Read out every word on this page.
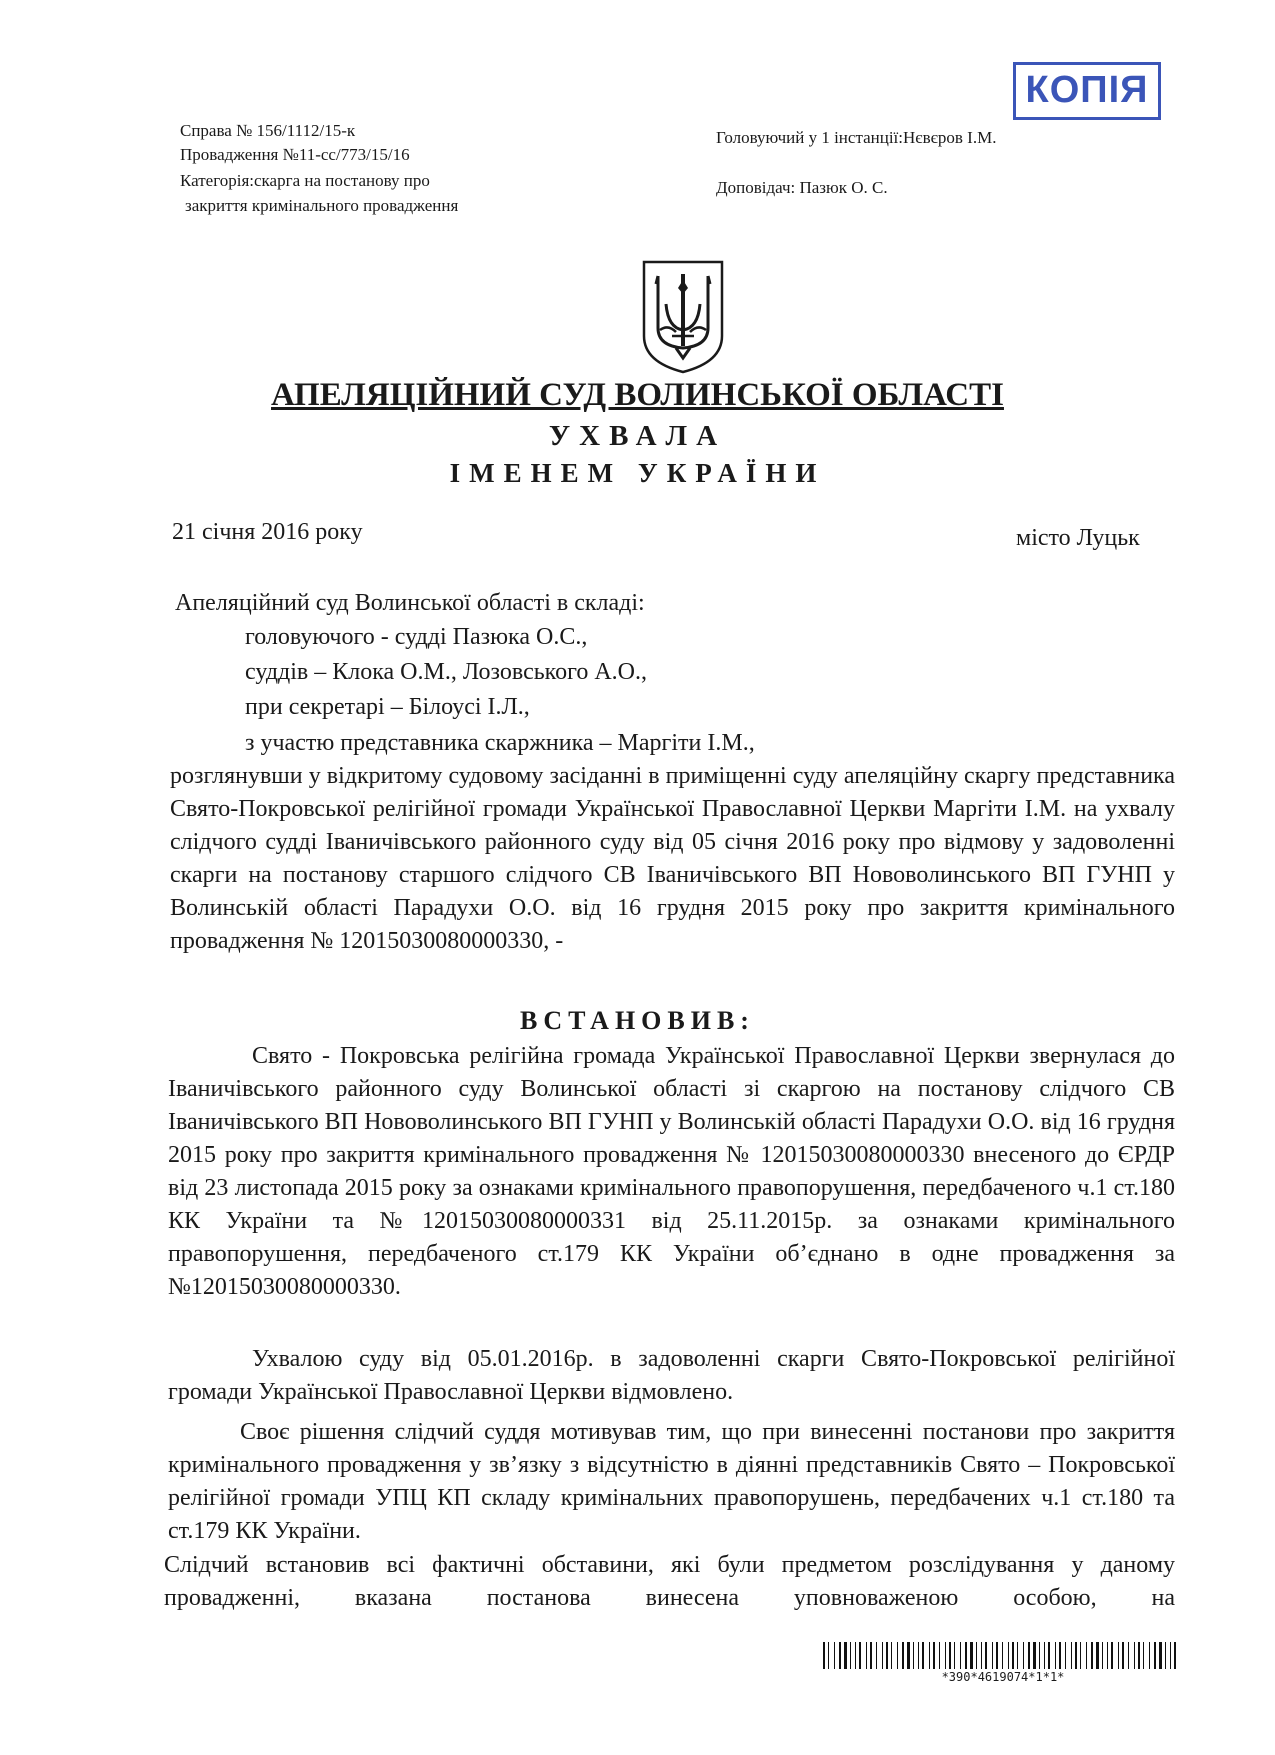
Справа № 156/1112/15-к
Провадження №11-сс/773/15/16
Категорія:скарга на постанову про
закриття кримінального провадження
Головуючий у 1 інстанції:Нєвєров І.М.
Доповідач: Пазюк О. С.
КОПІЯ
АПЕЛЯЦІЙНИЙ СУД ВОЛИНСЬКОЇ ОБЛАСТІ
УХВАЛА
ІМЕНЕМ УКРАЇНИ
21 січня 2016 року	місто Луцьк
Апеляційний суд Волинської області в складі:
головуючого - судді Пазюка О.С.,
суддів – Клока О.М., Лозовського А.О.,
при секретарі – Білоусі І.Л.,
з участю представника скаржника – Маргіти І.М.,
розглянувши у відкритому судовому засіданні в приміщенні суду апеляційну скаргу представника Свято-Покровської релігійної громади Української Православної Церкви Маргіти І.М. на ухвалу слідчого судді Іваничівського районного суду від 05 січня 2016 року про відмову у задоволенні скарги на постанову старшого слідчого СВ Іваничівського ВП Нововолинського ВП ГУНП у Волинській області Парадухи О.О. від 16 грудня 2015 року про закриття кримінального провадження № 12015030080000330, -
ВСТАНОВИВ:
Свято - Покровська релігійна громада Української Православної Церкви звернулася до Іваничівського районного суду Волинської області зі скаргою на постанову слідчого СВ Іваничівського ВП Нововолинського ВП ГУНП у Волинській області Парадухи О.О. від 16 грудня 2015 року про закриття кримінального провадження № 12015030080000330 внесеного до ЄРДР від 23 листопада 2015 року за ознаками кримінального правопорушення, передбаченого ч.1 ст.180 КК України та №12015030080000331 від 25.11.2015р. за ознаками кримінального правопорушення, передбаченого ст.179 КК України об’єднано в одне провадження за №12015030080000330.
Ухвалою суду від 05.01.2016р. в задоволенні скарги Свято-Покровської релігійної громади Української Православної Церкви відмовлено.
Своє рішення слідчий суддя мотивував тим, що при винесенні постанови про закриття кримінального провадження у зв’язку з відсутністю в діянні представників Свято – Покровської релігійної громади УПЦ КП складу кримінальних правопорушень, передбачених ч.1 ст.180 та ст.179 КК України.
Слідчий встановив всі фактичні обставини, які були предметом розслідування у даному провадженні, вказана постанова винесена уповноваженою особою, на
*390*4619074*1*1*
